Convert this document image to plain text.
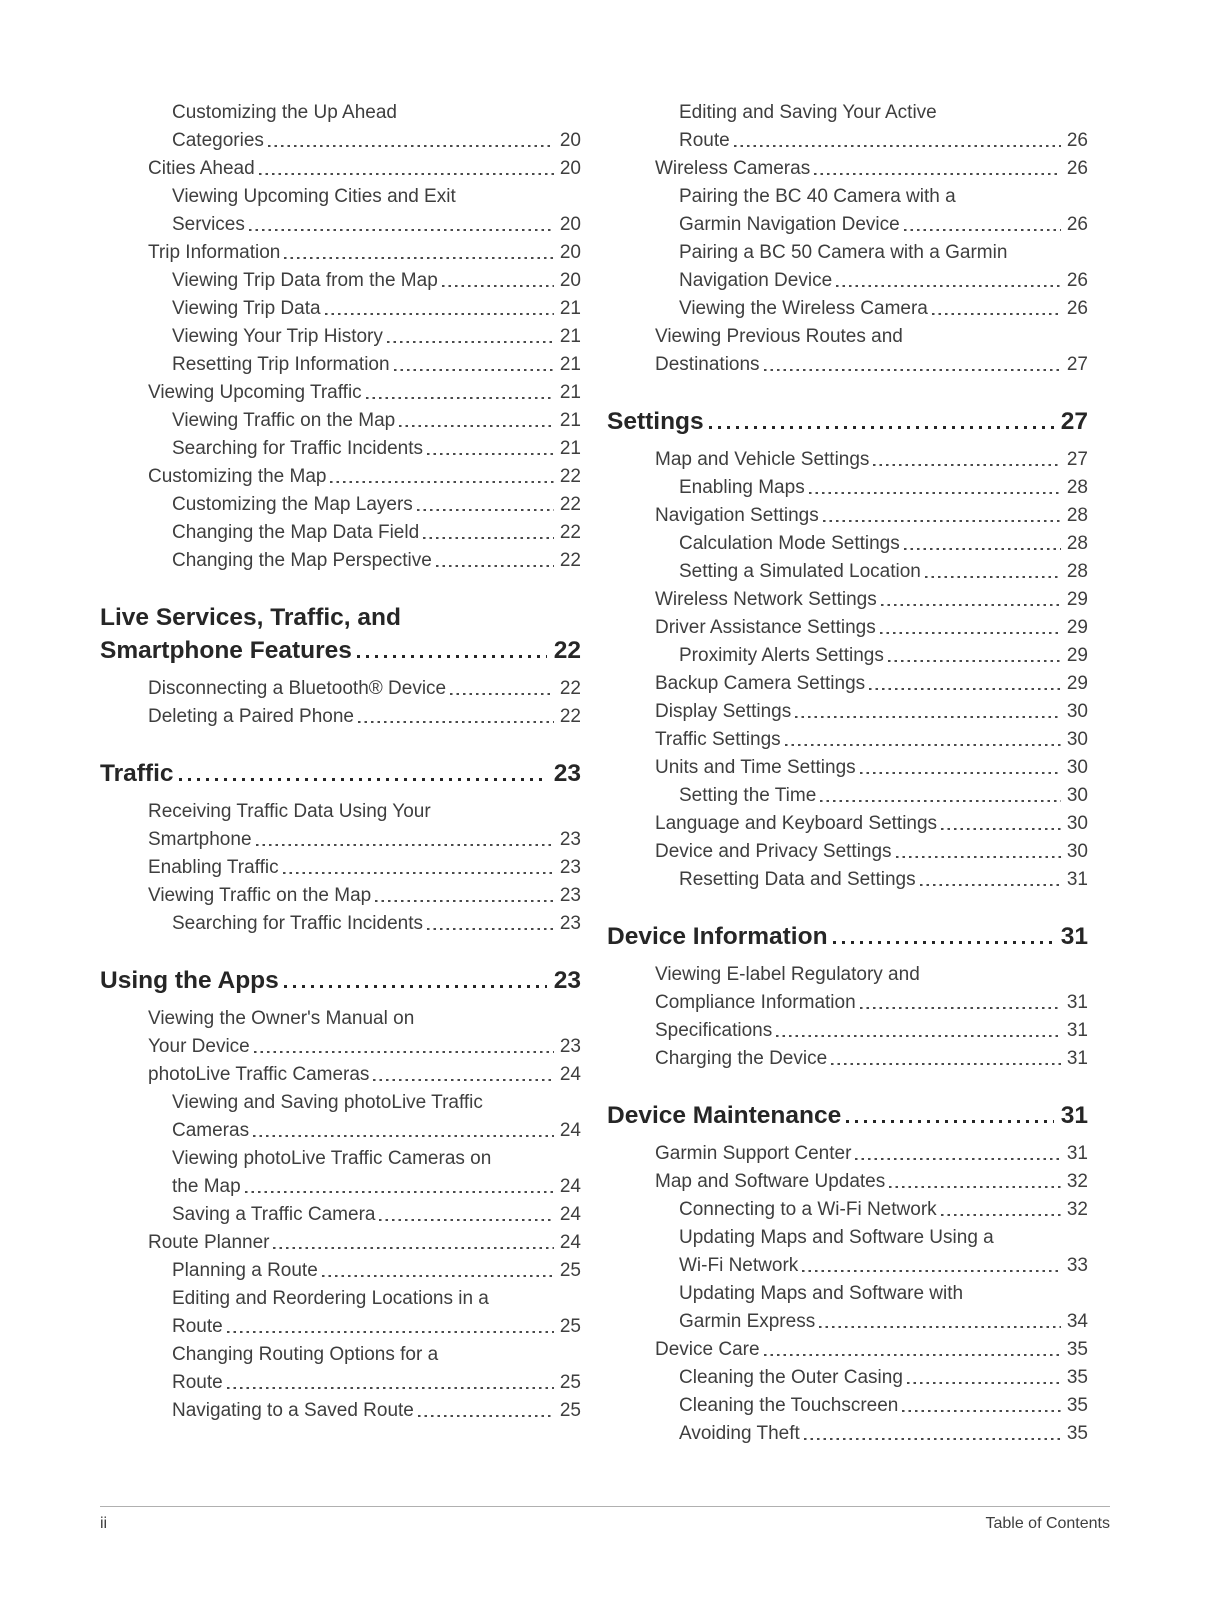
Customizing the Up Ahead
Categories	20
Cities Ahead	20
Viewing Upcoming Cities and Exit
Services	20
Trip Information	20
Viewing Trip Data from the Map	20
Viewing Trip Data	21
Viewing Your Trip History	21
Resetting Trip Information	21
Viewing Upcoming Traffic	21
Viewing Traffic on the Map	21
Searching for Traffic Incidents	21
Customizing the Map	22
Customizing the Map Layers	22
Changing the Map Data Field	22
Changing the Map Perspective	22
Live Services, Traffic, and
Smartphone Features	22
Disconnecting a Bluetooth® Device	22
Deleting a Paired Phone	22
Traffic	23
Receiving Traffic Data Using Your
Smartphone	23
Enabling Traffic	23
Viewing Traffic on the Map	23
Searching for Traffic Incidents	23
Using the Apps	23
Viewing the Owner's Manual on
Your Device	23
photoLive Traffic Cameras	24
Viewing and Saving photoLive Traffic
Cameras	24
Viewing photoLive Traffic Cameras on
the Map	24
Saving a Traffic Camera	24
Route Planner	24
Planning a Route	25
Editing and Reordering Locations in a
Route	25
Changing Routing Options for a
Route	25
Navigating to a Saved Route	25
Editing and Saving Your Active
Route	26
Wireless Cameras	26
Pairing the BC 40 Camera with a
Garmin Navigation Device	26
Pairing a BC 50 Camera with a Garmin
Navigation Device	26
Viewing the Wireless Camera	26
Viewing Previous Routes and
Destinations	27
Settings	27
Map and Vehicle Settings	27
Enabling Maps	28
Navigation Settings	28
Calculation Mode Settings	28
Setting a Simulated Location	28
Wireless Network Settings	29
Driver Assistance Settings	29
Proximity Alerts Settings	29
Backup Camera Settings	29
Display Settings	30
Traffic Settings	30
Units and Time Settings	30
Setting the Time	30
Language and Keyboard Settings	30
Device and Privacy Settings	30
Resetting Data and Settings	31
Device Information	31
Viewing E-label Regulatory and
Compliance Information	31
Specifications	31
Charging the Device	31
Device Maintenance	31
Garmin Support Center	31
Map and Software Updates	32
Connecting to a Wi-Fi Network	32
Updating Maps and Software Using a
Wi-Fi Network	33
Updating Maps and Software with
Garmin Express	34
Device Care	35
Cleaning the Outer Casing	35
Cleaning the Touchscreen	35
Avoiding Theft	35
ii	Table of Contents
